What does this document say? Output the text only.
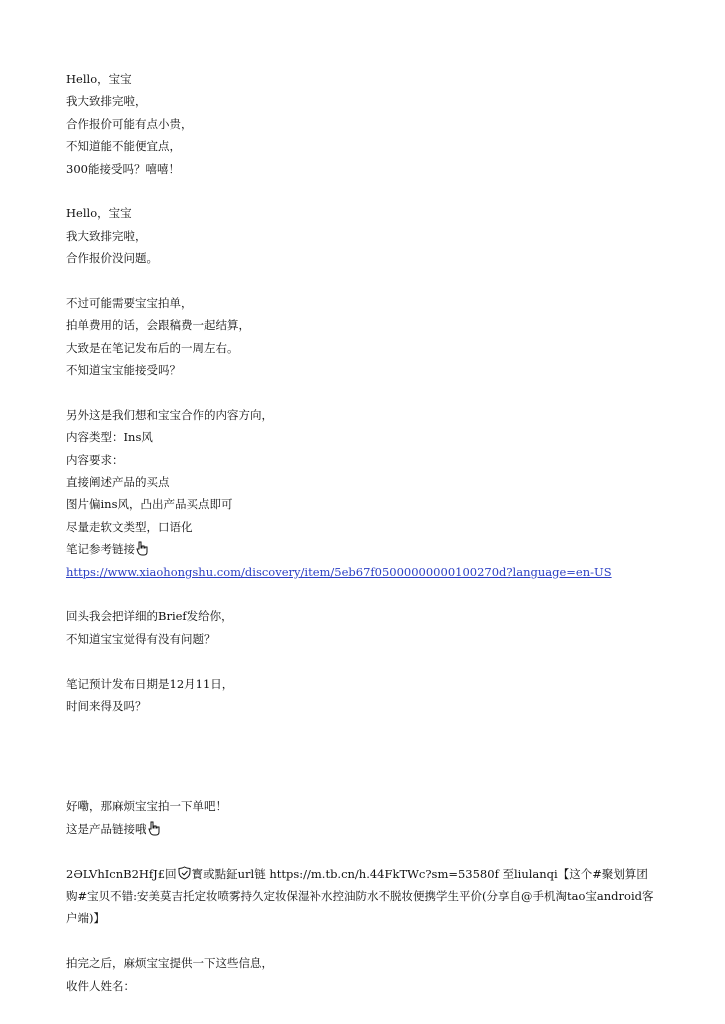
Hello，宝宝
我大致排完啦，
合作报价可能有点小贵，
不知道能不能便宜点，
300能接受吗？嘻嘻！
Hello，宝宝
我大致排完啦，
合作报价没问题。
不过可能需要宝宝拍单，
拍单费用的话，会跟稿费一起结算，
大致是在笔记发布后的一周左右。
不知道宝宝能接受吗？
另外这是我们想和宝宝合作的内容方向，
内容类型：Ins风
内容要求：
直接阐述产品的买点
图片偏ins风，凸出产品买点即可
尽量走软文类型，口语化
笔记参考链接
https://www.xiaohongshu.com/discovery/item/5eb67f05000000000100270d?language=en-US
回头我会把详细的Brief发给你，
不知道宝宝觉得有没有问题？
笔记预计发布日期是12月11日，
时间来得及吗？
好嘞，那麻烦宝宝拍一下单吧！
这是产品链接哦
2ƏLVhIcnB2HfJ£回 寳或點鉦url链 https://m.tb.cn/h.44FkTWc?sm=53580f 至liulanqi【这个#聚划算团购#宝贝不错:安美莫吉托定妆喷雾持久定妆保湿补水控油防水不脱妆便携学生平价(分享自@手机淘tao宝android客户端)】
拍完之后，麻烦宝宝提供一下这些信息，
收件人姓名：
